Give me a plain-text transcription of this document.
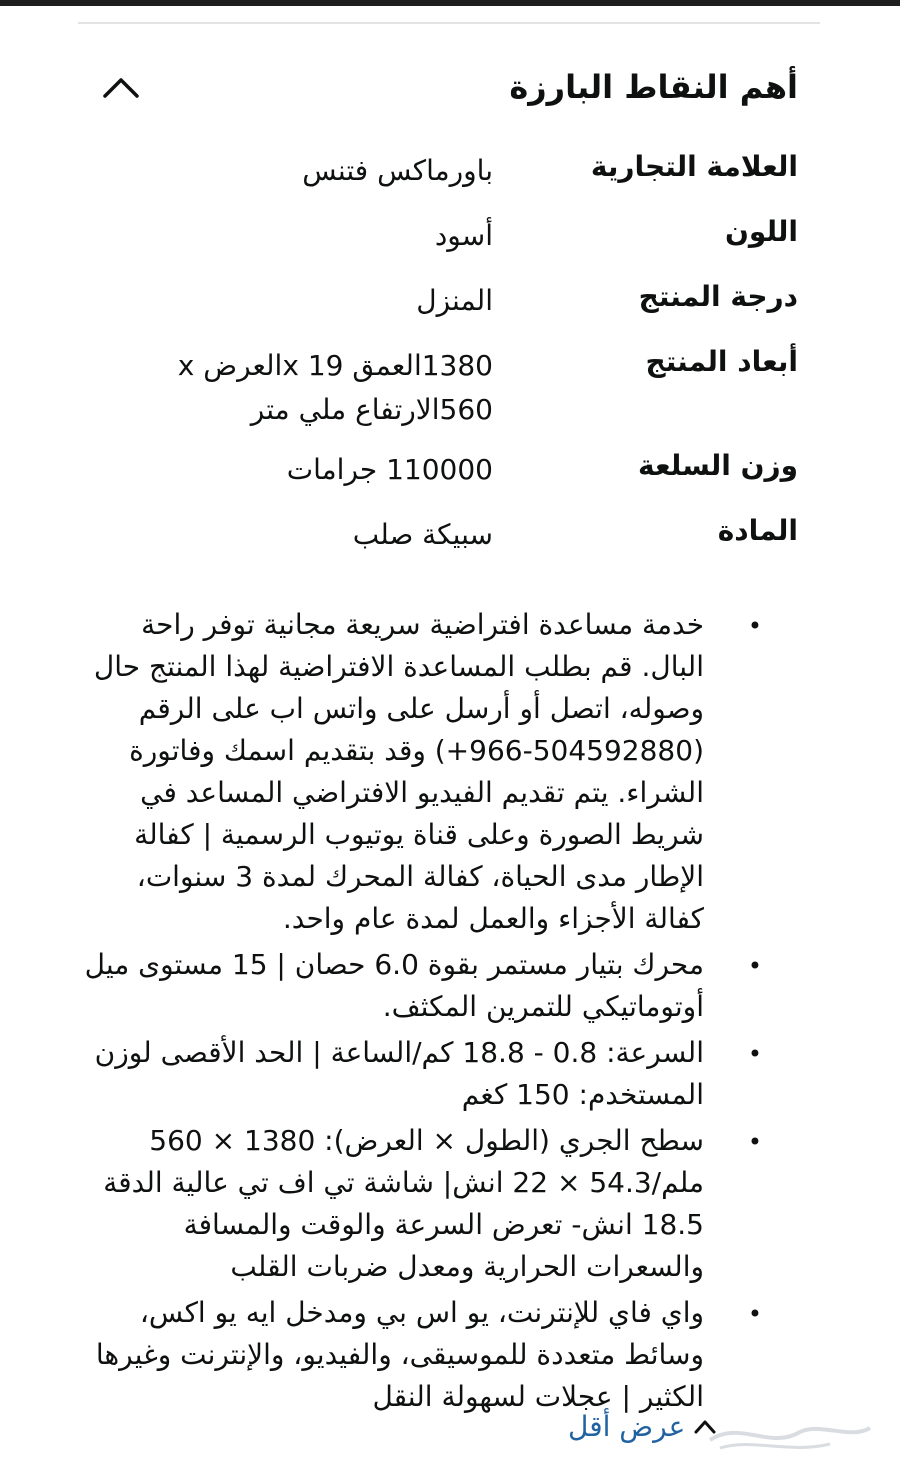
أهم النقاط البارزة
العلامة التجارية
باورماكس فتنس
اللون
أسود
درجة المنتج
المنزل
أبعاد المنتج
1380العمق 19 xالعرض x 560الارتفاع ملي متر
وزن السلعة
110000 جرامات
المادة
سبيكة صلب
•
خدمة مساعدة افتراضية سريعة مجانية توفر راحة البال. قم بطلب المساعدة الافتراضية لهذا المنتج حال وصوله، اتصل أو أرسل على واتس اب على الرقم (504592880-966+) وقد بتقديم اسمك وفاتورة الشراء. يتم تقديم الفيديو الافتراضي المساعد في شريط الصورة وعلى قناة يوتيوب الرسمية | كفالة الإطار مدى الحياة، كفالة المحرك لمدة 3 سنوات، كفالة الأجزاء والعمل لمدة عام واحد.
•
محرك بتيار مستمر بقوة 6.0 حصان | 15 مستوى ميل أوتوماتيكي للتمرين المكثف.
•
السرعة: 0.8 - 18.8 كم/الساعة | الحد الأقصى لوزن المستخدم: 150 كغم
•
سطح الجري (الطول × العرض): 1380 × 560 ملم/54.3 × 22 انش| شاشة تي اف تي عالية الدقة 18.5 انش- تعرض السرعة والوقت والمسافة والسعرات الحرارية ومعدل ضربات القلب
•
واي فاي للإنترنت، يو اس بي ومدخل ايه يو اكس، وسائط متعددة للموسيقى، والفيديو، والإنترنت وغيرها الكثير | عجلات لسهولة النقل
عرض أقل
